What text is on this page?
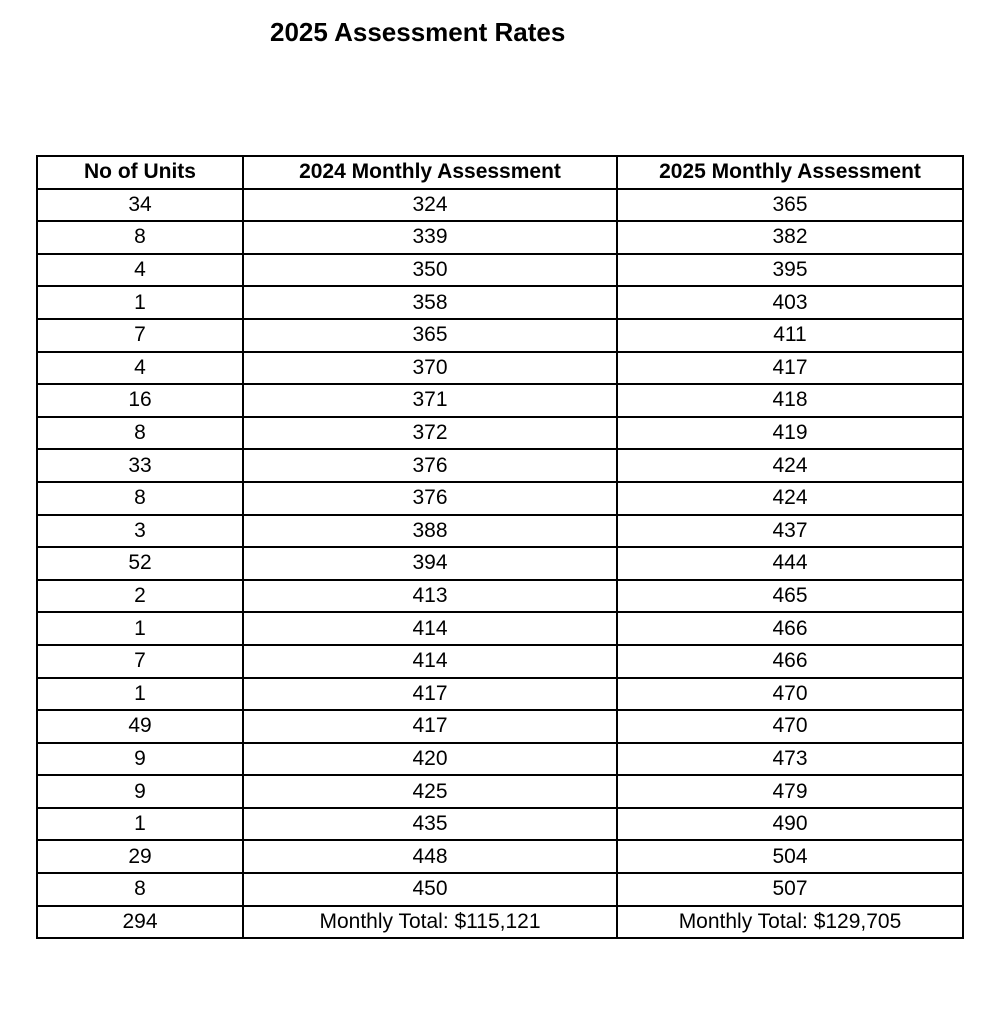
2025 Assessment Rates
No of Units	2024 Monthly Assessment	2025 Monthly Assessment
34	324	365
8	339	382
4	350	395
1	358	403
7	365	411
4	370	417
16	371	418
8	372	419
33	376	424
8	376	424
3	388	437
52	394	444
2	413	465
1	414	466
7	414	466
1	417	470
49	417	470
9	420	473
9	425	479
1	435	490
29	448	504
8	450	507
294	Monthly Total: $115,121	Monthly Total: $129,705
